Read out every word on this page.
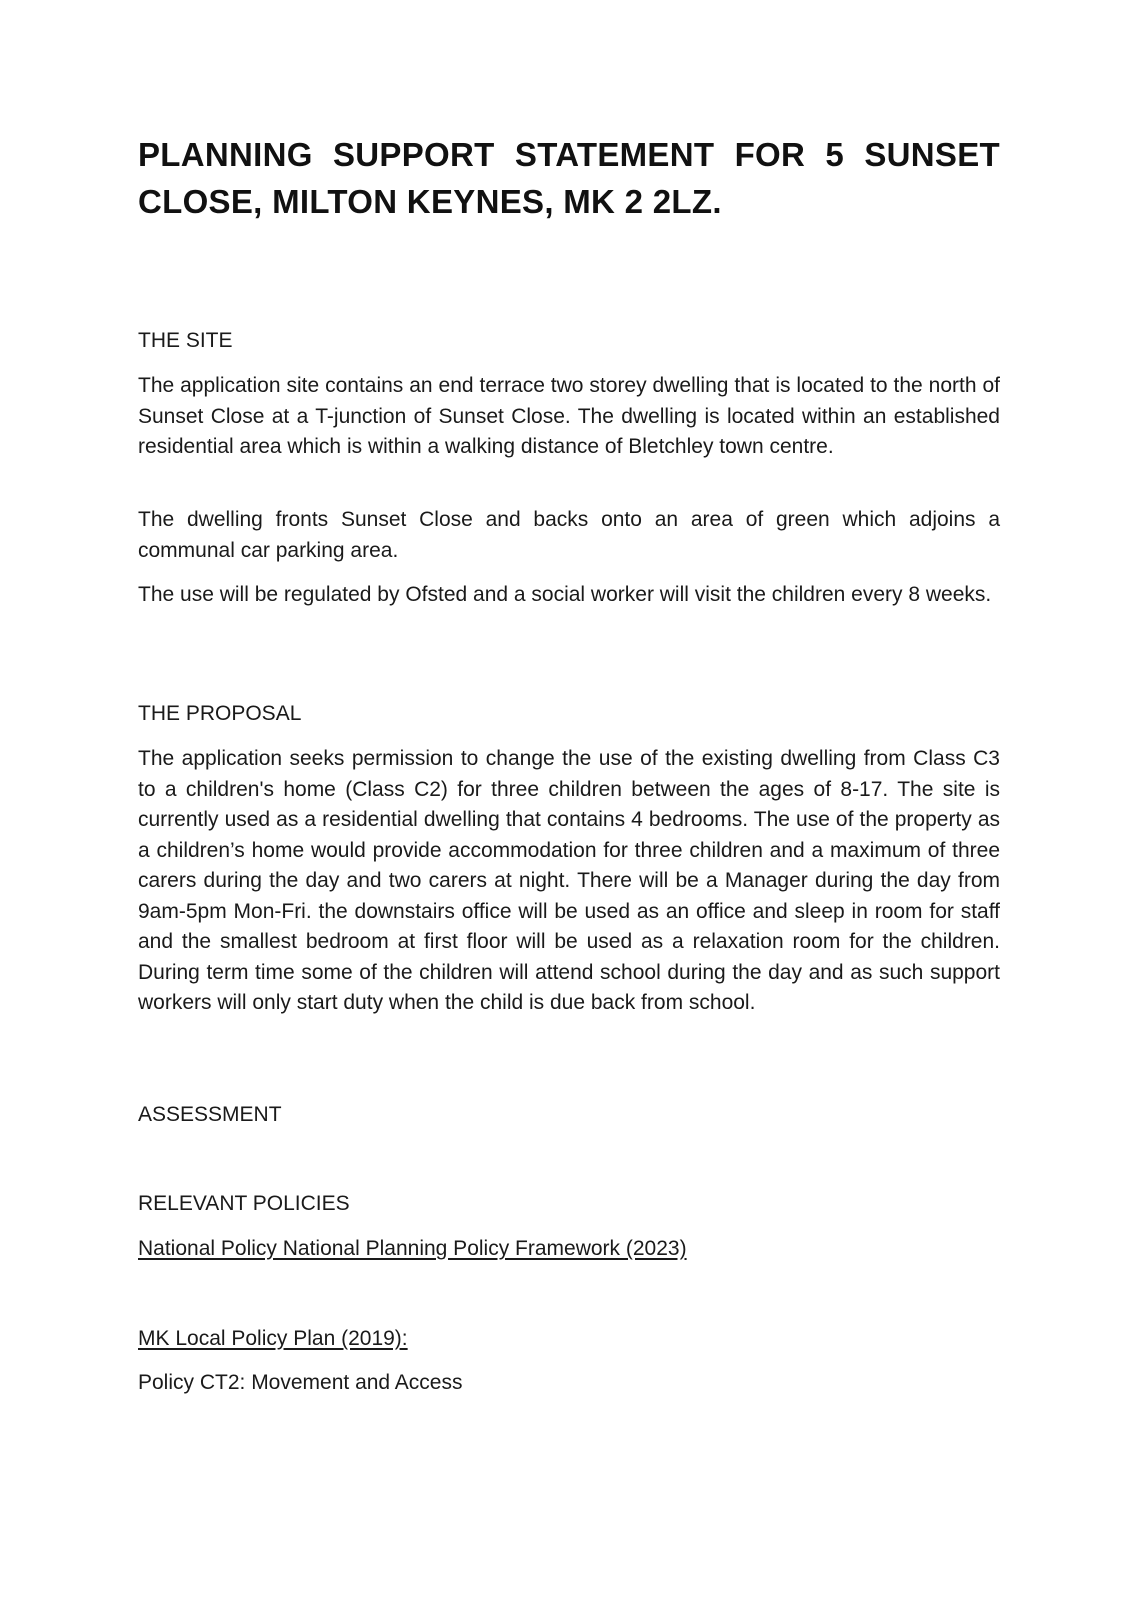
PLANNING SUPPORT STATEMENT FOR 5 SUNSET CLOSE, MILTON KEYNES, MK 2 2LZ.
THE SITE

The application site contains an end terrace two storey dwelling that is located to the north of Sunset Close at a T-junction of Sunset Close. The dwelling is located within an established residential area which is within a walking distance of Bletchley town centre.

The dwelling fronts Sunset Close and backs onto an area of green which adjoins a communal car parking area.

The use will be regulated by Ofsted and a social worker will visit the children every 8 weeks.

THE PROPOSAL

The application seeks permission to change the use of the existing dwelling from Class C3 to a children's home (Class C2) for three children between the ages of 8-17. The site is currently used as a residential dwelling that contains 4 bedrooms. The use of the property as a children’s home would provide accommodation for three children and a maximum of three carers during the day and two carers at night. There will be a Manager during the day from 9am-5pm Mon-Fri. the downstairs office will be used as an office and sleep in room for staff and the smallest bedroom at first floor will be used as a relaxation room for the children. During term time some of the children will attend school during the day and as such support workers will only start duty when the child is due back from school.

ASSESSMENT
RELEVANT POLICIES

National Policy National Planning Policy Framework (2023)

MK Local Policy Plan (2019):

Policy CT2: Movement and Access
